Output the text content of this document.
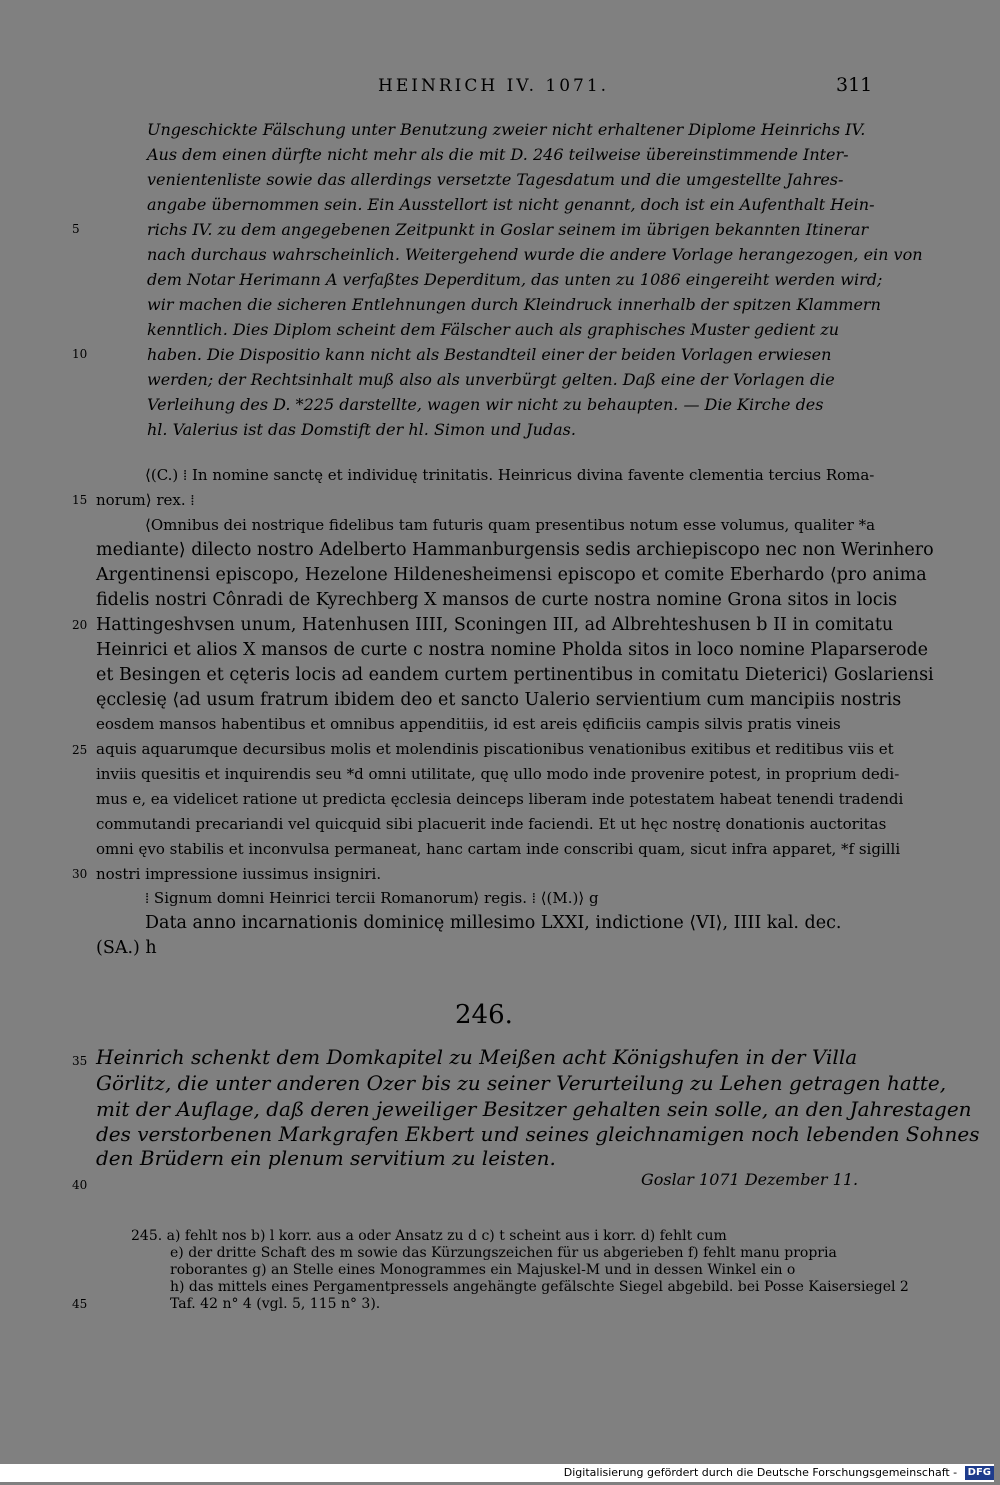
HEINRICH IV. 1071.	311
Ungeschickte Fälschung unter Benutzung zweier nicht erhaltener Diplome Heinrichs IV.
Aus dem einen dürfte nicht mehr als die mit D. 246 teilweise übereinstimmende Inter-
venientenliste sowie das allerdings versetzte Tagesdatum und die umgestellte Jahres-
angabe übernommen sein. Ein Ausstellort ist nicht genannt, doch ist ein Aufenthalt Hein-
richs IV. zu dem angegebenen Zeitpunkt in Goslar seinem im übrigen bekannten Itinerar
nach durchaus wahrscheinlich. Weitergehend wurde die andere Vorlage herangezogen, ein von
dem Notar Herimann A verfaßtes Deperditum, das unten zu 1086 eingereiht werden wird;
wir machen die sicheren Entlehnungen durch Kleindruck innerhalb der spitzen Klammern
kenntlich. Dies Diplom scheint dem Fälscher auch als graphisches Muster gedient zu
haben. Die Dispositio kann nicht als Bestandteil einer der beiden Vorlagen erwiesen
werden; der Rechtsinhalt muß also als unverbürgt gelten. Daß eine der Vorlagen die
Verleihung des D. *225 darstellte, wagen wir nicht zu behaupten. — Die Kirche des
hl. Valerius ist das Domstift der hl. Simon und Judas.
⟨(C.) ⁞ In nomine sanctę et individuę trinitatis. Heinricus divina favente clementia tercius Roma-
norum⟩ rex. ⁞
⟨Omnibus dei nostrique fidelibus tam futuris quam presentibus notum esse volumus, qualiter *a
mediante⟩ dilecto nostro Adelberto Hammanburgensis sedis archiepiscopo nec non Werinhero
Argentinensi episcopo, Hezelone Hildenesheimensi episcopo et comite Eberhardo ⟨pro anima
fidelis nostri Cônradi de Kyrechberg X mansos de curte nostra nomine Grona sitos in locis
Hattingeshvsen unum, Hatenhusen IIII, Sconingen III, ad Albrehteshusen b II in comitatu
Heinrici et alios X mansos de curte c nostra nomine Pholda sitos in loco nomine Plaparserode
et Besingen et cęteris locis ad eandem curtem pertinentibus in comitatu Dieterici⟩ Goslariensi
ęcclesię ⟨ad usum fratrum ibidem deo et sancto Ualerio servientium cum mancipiis nostris
eosdem mansos habentibus et omnibus appenditiis, id est areis ędificiis campis silvis pratis vineis
aquis aquarumque decursibus molis et molendinis piscationibus venationibus exitibus et reditibus viis et
inviis quesitis et inquirendis seu *d omni utilitate, quę ullo modo inde provenire potest, in proprium dedi-
mus e, ea videlicet ratione ut predicta ęcclesia deinceps liberam inde potestatem habeat tenendi tradendi
commutandi precariandi vel quicquid sibi placuerit inde faciendi. Et ut hęc nostrę donationis auctoritas
omni ęvo stabilis et inconvulsa permaneat, hanc cartam inde conscribi quam, sicut infra apparet, *f sigilli
nostri impressione iussimus insigniri.
⁞ Signum domni Heinrici tercii Romanorum⟩ regis. ⁞ ⟨(M.)⟩ g
Data anno incarnationis dominicę millesimo LXXI, indictione ⟨VI⟩, IIII kal. dec.
(SA.) h
246.
Heinrich schenkt dem Domkapitel zu Meißen acht Königshufen in der Villa
Görlitz, die unter anderen Ozer bis zu seiner Verurteilung zu Lehen getragen hatte,
mit der Auflage, daß deren jeweiliger Besitzer gehalten sein solle, an den Jahrestagen
des verstorbenen Markgrafen Ekbert und seines gleichnamigen noch lebenden Sohnes
den Brüdern ein plenum servitium zu leisten.
Goslar 1071 Dezember 11.
245. a) fehlt nos b) l korr. aus a oder Ansatz zu d c) t scheint aus i korr. d) fehlt cum
e) der dritte Schaft des m sowie das Kürzungszeichen für us abgerieben f) fehlt manu propria
roborantes g) an Stelle eines Monogrammes ein Majuskel-M und in dessen Winkel ein o
h) das mittels eines Pergamentpressels angehängte gefälschte Siegel abgebild. bei Posse Kaisersiegel 2
Taf. 42 n° 4 (vgl. 5, 115 n° 3).
5
10
15
20
25
30
35
40
45
Digitalisierung gefördert durch die Deutsche Forschungsgemeinschaft - DFG
